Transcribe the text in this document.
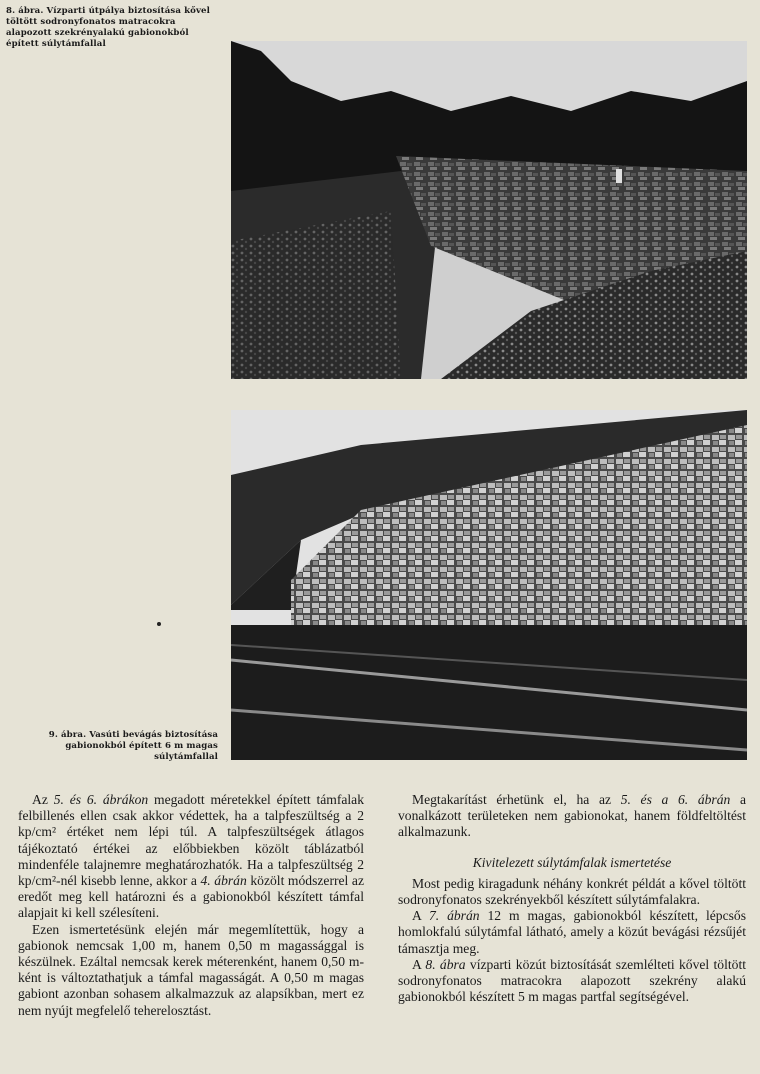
8. ábra. Vízparti útpálya biztosítása kővel töltött sodronyfonatos matracokra alapozott szekrényalakú gabionokból épített súlytámfallal
9. ábra. Vasúti bevágás biztosítása gabionokból épített 6 m magas súlytámfallal

Az 5. és 6. ábrákon megadott méretekkel épített támfalak felbillenés ellen csak akkor védettek, ha a talpfeszültség a 2 kp/cm² értéket nem lépi túl. A talpfeszültségek átlagos tájékoztató értékei az előbbiekben közölt táblázatból mindenféle talajnemre meghatározhatók. Ha a talpfeszültség 2 kp/cm²-nél kisebb lenne, akkor a 4. ábrán közölt módszerrel az eredőt meg kell határozni és a gabionokból készített támfal alapjait ki kell szélesíteni.

Ezen ismertetésünk elején már megemlítettük, hogy a gabionok nemcsak 1,00 m, hanem 0,50 m magassággal is készülnek. Ezáltal nemcsak kerek méterenként, hanem 0,50 m-ként is változtathatjuk a támfal magasságát. A 0,50 m magas gabiont azonban sohasem alkalmazzuk az alapsíkban, mert ez nem nyújt megfelelő teherelosztást.

Megtakarítást érhetünk el, ha az 5. és a 6. ábrán a vonalkázott területeken nem gabionokat, hanem földfeltöltést alkalmazunk.

Kivitelezett súlytámfalak ismertetése

Most pedig kiragadunk néhány konkrét példát a kővel töltött sodronyfonatos szekrényekből készített súlytámfalakra.

A 7. ábrán 12 m magas, gabionokból készített, lépcsős homlokfalú súlytámfal látható, amely a közút bevágási rézsűjét támasztja meg.

A 8. ábra vízparti közút biztosítását szemlélteti kővel töltött sodronyfonatos matracokra alapozott szekrény alakú gabionokból készített 5 m magas partfal segítségével.
